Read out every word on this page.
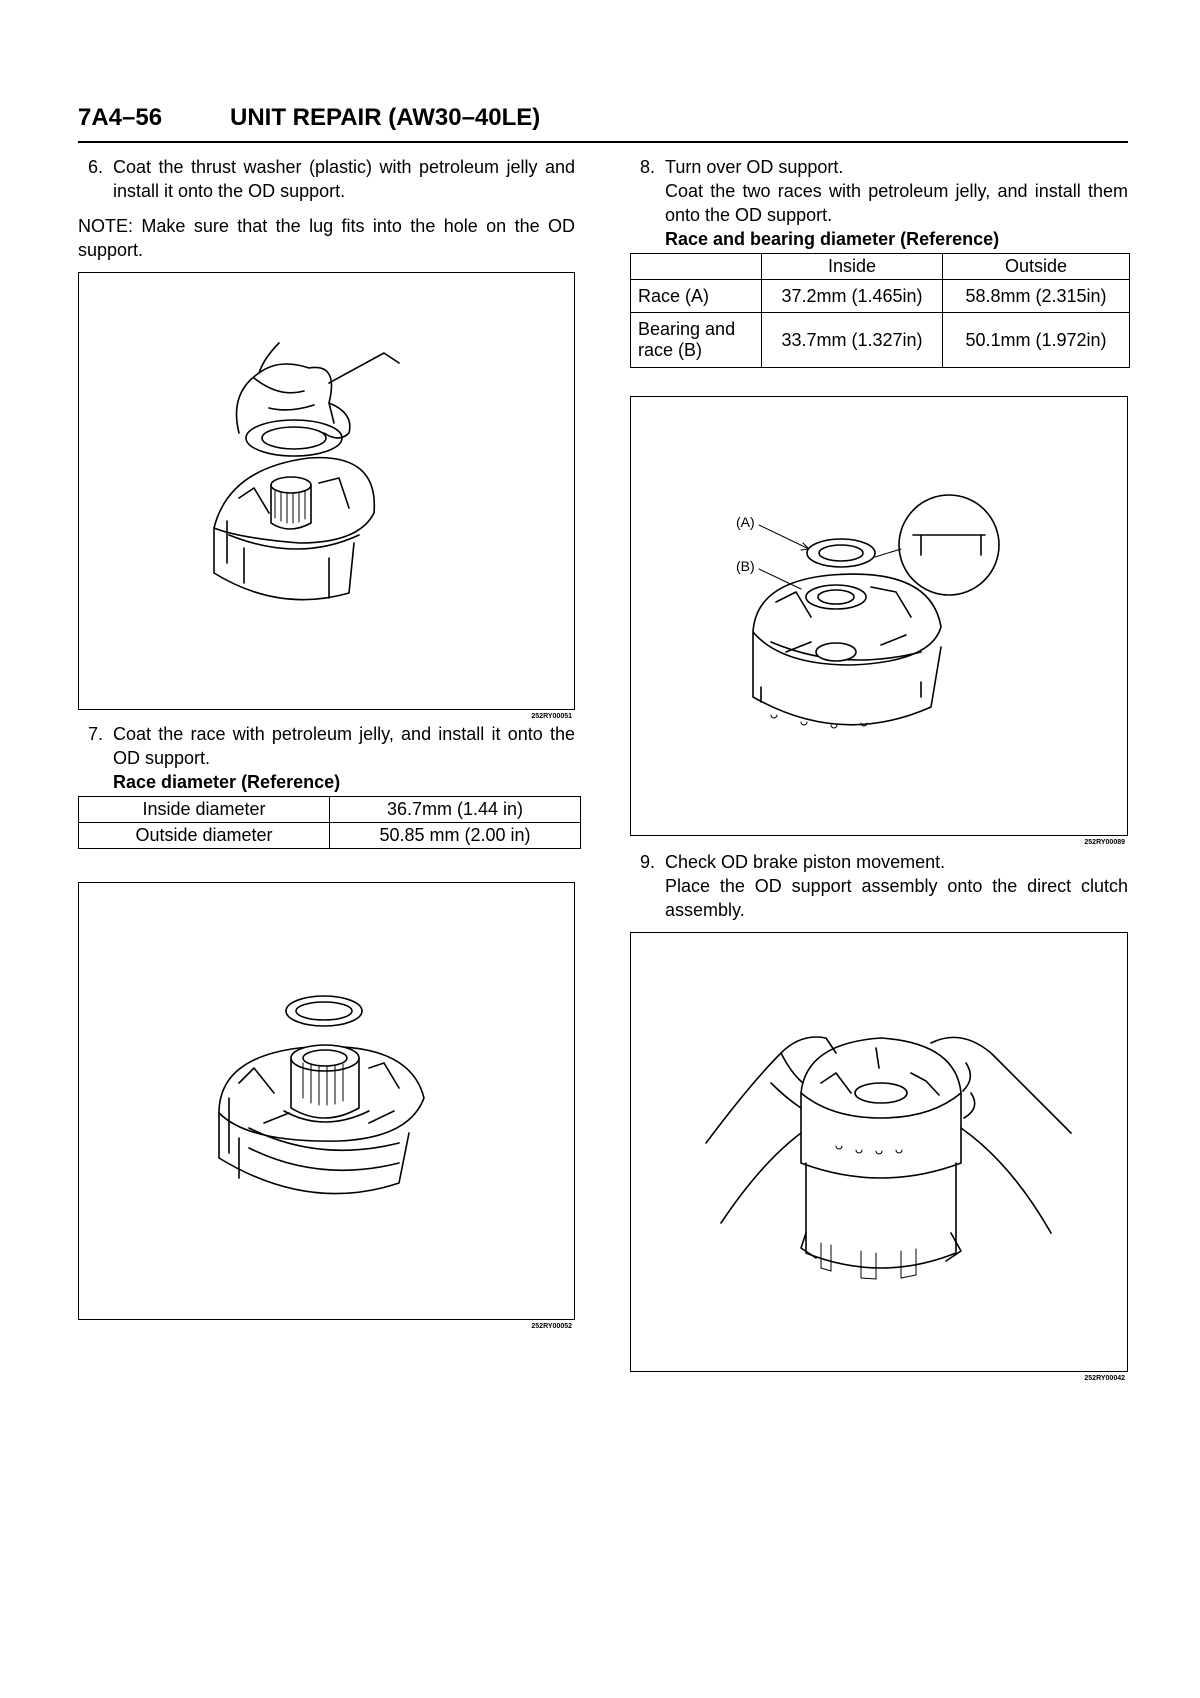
7A4–56	UNIT REPAIR (AW30–40LE)
6. Coat the thrust washer (plastic) with petroleum jelly and install it onto the OD support.
NOTE: Make sure that the lug fits into the hole on the OD support.
252RY00051
7. Coat the race with petroleum jelly, and install it onto the OD support.
Race diameter (Reference)
Inside diameter	36.7mm (1.44 in)
Outside diameter	50.85 mm (2.00 in)
252RY00052
8. Turn over OD support.
Coat the two races with petroleum jelly, and install them onto the OD support.
Race and bearing diameter (Reference)
	Inside	Outside
Race (A)	37.2mm (1.465in)	58.8mm (2.315in)
Bearing and race (B)	33.7mm (1.327in)	50.1mm (1.972in)
(A)
(B)
252RY00089
9. Check OD brake piston movement.
Place the OD support assembly onto the direct clutch assembly.
252RY00042
